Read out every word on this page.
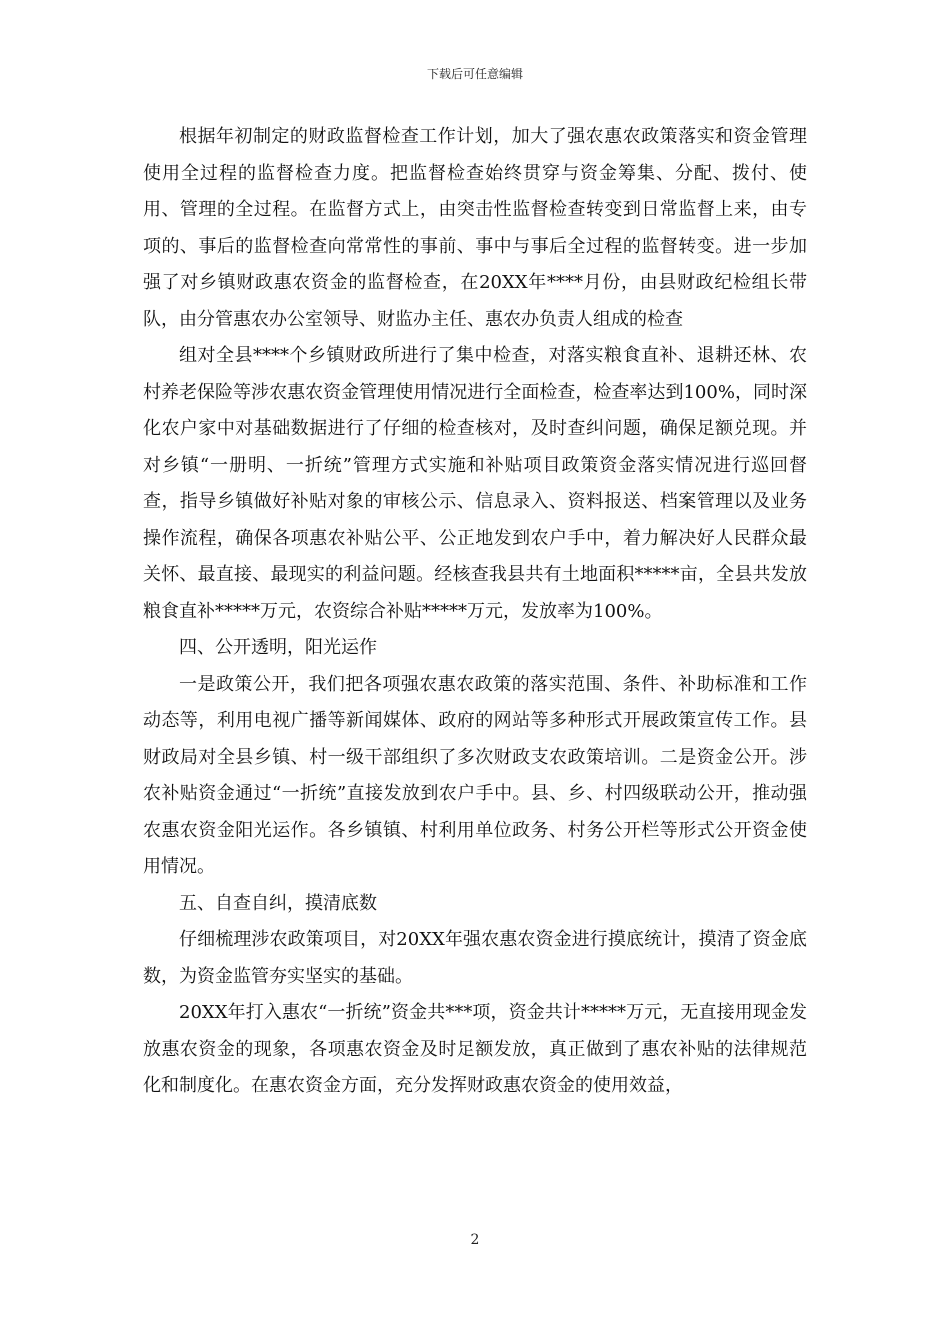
下载后可任意编辑

根据年初制定的财政监督检查工作计划，加大了强农惠农政策落实和资金管理使用全过程的监督检查力度。把监督检查始终贯穿与资金筹集、分配、拨付、使用、管理的全过程。在监督方式上，由突击性监督检查转变到日常监督上来，由专项的、事后的监督检查向常常性的事前、事中与事后全过程的监督转变。进一步加强了对乡镇财政惠农资金的监督检查，在20XX年****月份，由县财政纪检组长带队，由分管惠农办公室领导、财监办主任、惠农办负责人组成的检查

组对全县****个乡镇财政所进行了集中检查，对落实粮食直补、退耕还林、农村养老保险等涉农惠农资金管理使用情况进行全面检查，检查率达到100%，同时深化农户家中对基础数据进行了仔细的检查核对，及时查纠问题，确保足额兑现。并对乡镇“一册明、一折统”管理方式实施和补贴项目政策资金落实情况进行巡回督查，指导乡镇做好补贴对象的审核公示、信息录入、资料报送、档案管理以及业务操作流程，确保各项惠农补贴公平、公正地发到农户手中，着力解决好人民群众最关怀、最直接、最现实的利益问题。经核查我县共有土地面积*****亩，全县共发放粮食直补*****万元，农资综合补贴*****万元，发放率为100%。

四、公开透明，阳光运作

一是政策公开，我们把各项强农惠农政策的落实范围、条件、补助标准和工作动态等，利用电视广播等新闻媒体、政府的网站等多种形式开展政策宣传工作。县财政局对全县乡镇、村一级干部组织了多次财政支农政策培训。二是资金公开。涉农补贴资金通过“一折统”直接发放到农户手中。县、乡、村四级联动公开，推动强农惠农资金阳光运作。各乡镇镇、村利用单位政务、村务公开栏等形式公开资金使用情况。

五、自查自纠，摸清底数

仔细梳理涉农政策项目，对20XX年强农惠农资金进行摸底统计，摸清了资金底数，为资金监管夯实坚实的基础。

20XX年打入惠农“一折统”资金共***项，资金共计*****万元，无直接用现金发放惠农资金的现象，各项惠农资金及时足额发放，真正做到了惠农补贴的法律规范化和制度化。在惠农资金方面，充分发挥财政惠农资金的使用效益，

2
